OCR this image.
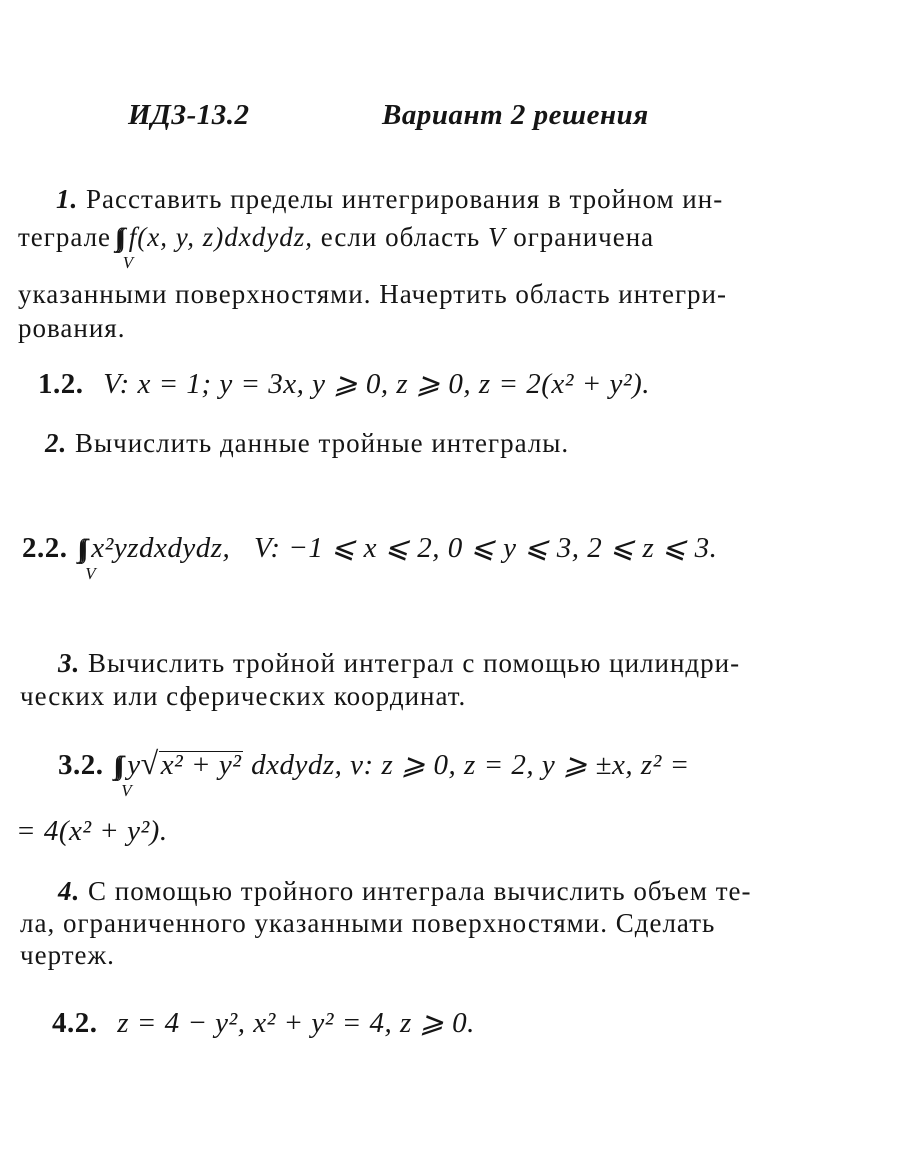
ИДЗ-13.2	Вариант 2 решения
1. Расставить пределы интегрирования в тройном ин-
теграле
V
f(x, y, z)dxdydz, если область V ограничена
указанными поверхностями. Начертить область интегри-
рования.
1.2. V: x = 1; y = 3x, y ⩾ 0, z ⩾ 0, z = 2(x² + y²).
2. Вычислить данные тройные интегралы.
2.2.
V
x²yzdxdydz, V: −1 ⩽ x ⩽ 2, 0 ⩽ y ⩽ 3, 2 ⩽ z ⩽ 3.
3. Вычислить тройной интеграл с помощью цилиндри-
ческих или сферических координат.
3.2.
V
y√x² + y² dxdydz, v: z ⩾ 0, z = 2, y ⩾ ±x, z² =
= 4(x² + y²).
4. С помощью тройного интеграла вычислить объем те-
ла, ограниченного указанными поверхностями. Сделать
чертеж.
4.2. z = 4 − y², x² + y² = 4, z ⩾ 0.
